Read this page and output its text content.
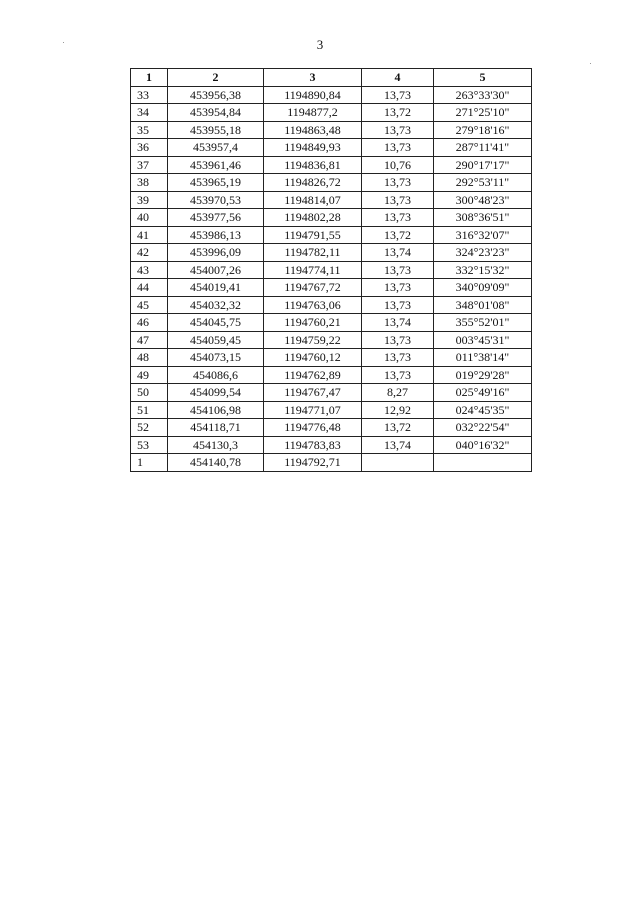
3
1	2	3	4	5
33	453956,38	1194890,84	13,73	263°33'30"
34	453954,84	1194877,2	13,72	271°25'10"
35	453955,18	1194863,48	13,73	279°18'16"
36	453957,4	1194849,93	13,73	287°11'41"
37	453961,46	1194836,81	10,76	290°17'17"
38	453965,19	1194826,72	13,73	292°53'11"
39	453970,53	1194814,07	13,73	300°48'23"
40	453977,56	1194802,28	13,73	308°36'51"
41	453986,13	1194791,55	13,72	316°32'07"
42	453996,09	1194782,11	13,74	324°23'23"
43	454007,26	1194774,11	13,73	332°15'32"
44	454019,41	1194767,72	13,73	340°09'09"
45	454032,32	1194763,06	13,73	348°01'08"
46	454045,75	1194760,21	13,74	355°52'01"
47	454059,45	1194759,22	13,73	003°45'31"
48	454073,15	1194760,12	13,73	011°38'14"
49	454086,6	1194762,89	13,73	019°29'28"
50	454099,54	1194767,47	8,27	025°49'16"
51	454106,98	1194771,07	12,92	024°45'35"
52	454118,71	1194776,48	13,72	032°22'54"
53	454130,3	1194783,83	13,74	040°16'32"
1	454140,78	1194792,71		
